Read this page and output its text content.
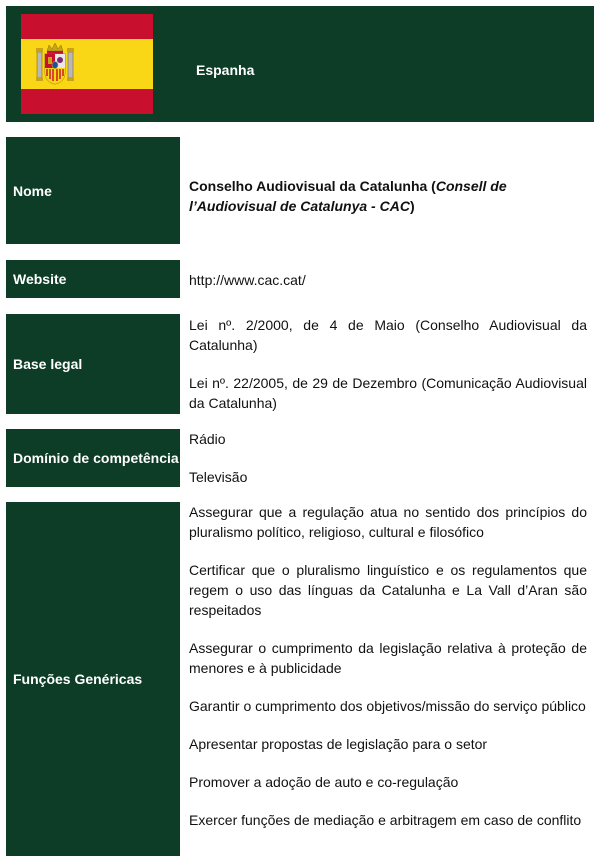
Espanha
Nome	Conselho Audiovisual da Catalunha (Consell de l’Audiovisual de Catalunya - CAC)
Website	http://www.cac.cat/
Base legal

Lei nº. 2/2000, de 4 de Maio (Conselho Audiovisual da Catalunha)

Lei nº. 22/2005, de 29 de Dezembro (Comunicação Audiovisual da Catalunha)

Domínio de competência

Rádio

Televisão

Funções Genéricas

Assegurar que a regulação atua no sentido dos princípios do pluralismo político, religioso, cultural e filosófico

Certificar que o pluralismo linguístico e os regulamentos que regem o uso das línguas da Catalunha e La Vall d’Aran são respeitados

Assegurar o cumprimento da legislação relativa à proteção de menores e à publicidade

Garantir o cumprimento dos objetivos/missão do serviço público

Apresentar propostas de legislação para o setor

Promover a adoção de auto e co-regulação

Exercer funções de mediação e arbitragem em caso de conflito
